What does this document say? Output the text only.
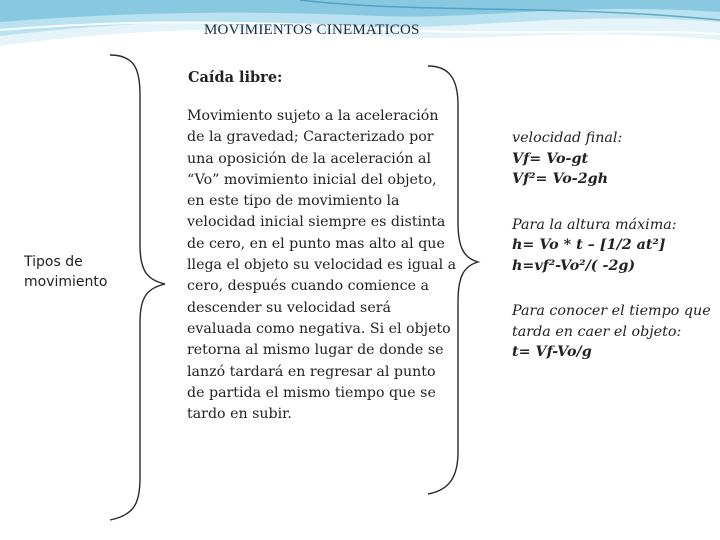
MOVIMIENTOS CINEMATICOS
Tipos de movimiento
Caída libre:
Movimiento sujeto a la aceleración de la gravedad; Caracterizado por una oposición de la aceleración al “Vo” movimiento inicial del objeto, en este tipo de movimiento la velocidad inicial siempre es distinta de cero, en el punto mas alto al que llega el objeto su velocidad es igual a cero, después cuando comience a descender su velocidad será evaluada como negativa. Si el objeto retorna al mismo lugar de donde se lanzó tardará en regresar al punto de partida el mismo tiempo que se tardo en subir.
velocidad final:
Vf= Vo-gt
Vf²= Vo-2gh
Para la altura máxima:
h= Vo * t – [1/2 at²]
h=vf²-Vo²/( -2g)
Para conocer el tiempo que tarda en caer el objeto:
t= Vf-Vo/g
